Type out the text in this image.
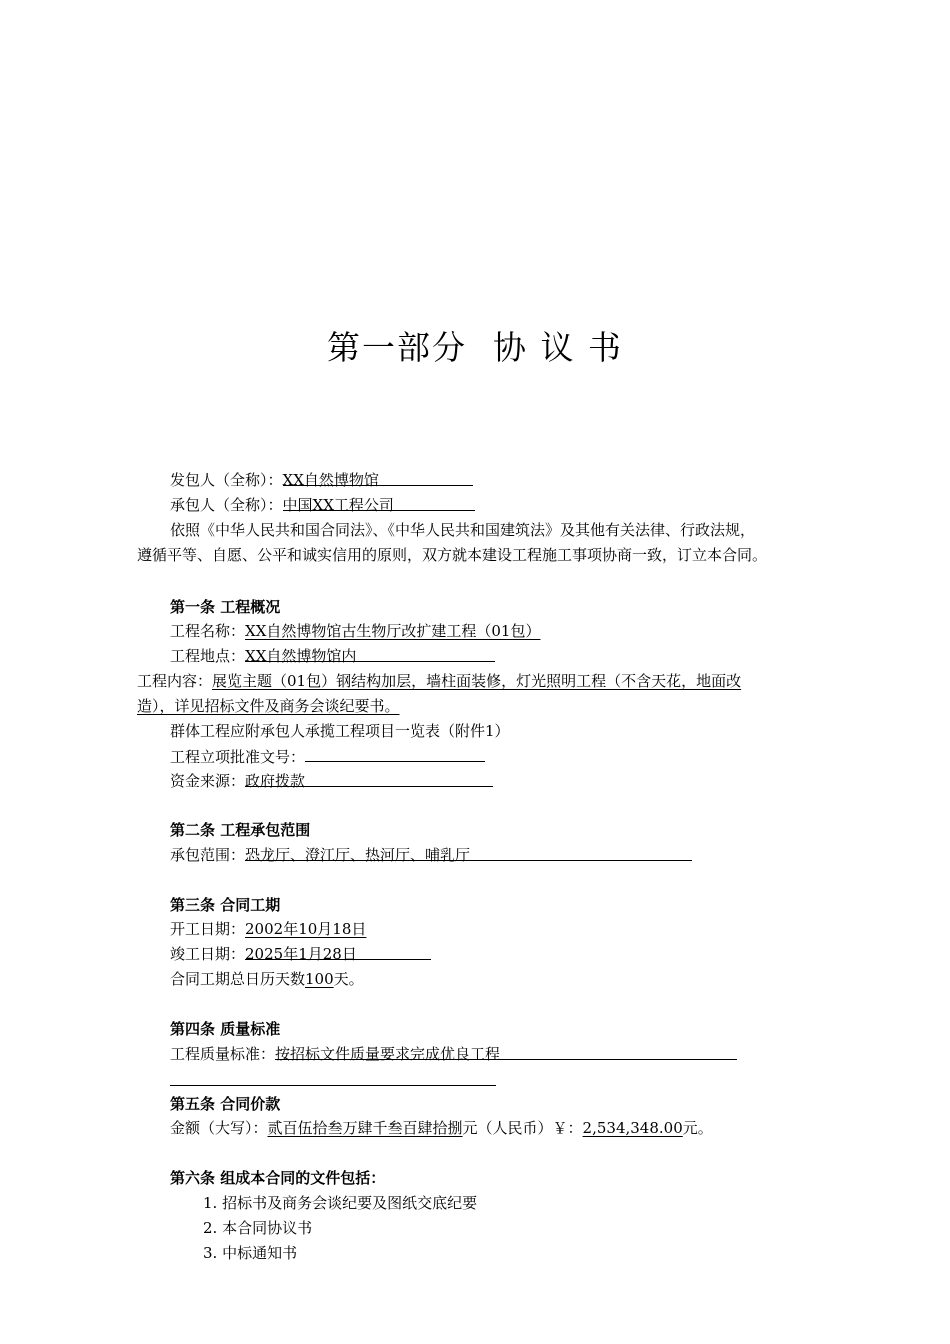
第一部分 协 议 书
发包人（全称）：XX自然博物馆
承包人（全称）：中国XX工程公司
依照《中华人民共和国合同法》、《中华人民共和国建筑法》及其他有关法律、行政法规，
遵循平等、自愿、公平和诚实信用的原则，双方就本建设工程施工事项协商一致，订立本合同。
第一条 工程概况
工程名称：XX自然博物馆古生物厅改扩建工程（01包）
工程地点：XX自然博物馆内
工程内容：展览主题（01包）钢结构加层，墙柱面装修，灯光照明工程（不含天花，地面改
造），详见招标文件及商务会谈纪要书。
群体工程应附承包人承揽工程项目一览表（附件1）
工程立项批准文号：
资金来源：政府拨款
第二条 工程承包范围
承包范围：恐龙厅、澄江厅、热河厅、哺乳厅
第三条 合同工期
开工日期：2002年10月18日
竣工日期：2025年1月28日
合同工期总日历天数100天。
第四条 质量标准
工程质量标准：按招标文件质量要求完成优良工程
第五条 合同价款
金额（大写）：贰百伍拾叁万肆千叁百肆拾捌元（人民币）￥：2,534,348.00元。
第六条 组成本合同的文件包括：
1. 招标书及商务会谈纪要及图纸交底纪要
2. 本合同协议书
3. 中标通知书
